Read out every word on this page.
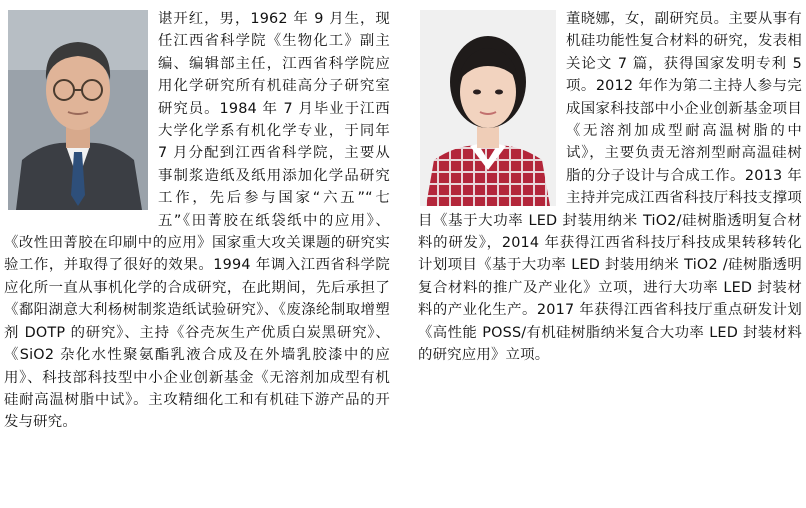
谌开红，男，1962 年 9 月生，现任江西省科学院《生物化工》副主编、编辑部主任，江西省科学院应用化学研究所有机硅高分子研究室研究员。1984 年 7 月毕业于江西大学化学系有机化学专业，于同年 7 月分配到江西省科学院，主要从事制浆造纸及纸用添加化学品研究工作，先后参与国家“六五”“七五”《田菁胶在纸袋纸中的应用》、《改性田菁胶在印刷中的应用》国家重大攻关课题的研究实验工作，并取得了很好的效果。1994 年调入江西省科学院应化所一直从事机化学的合成研究，在此期间，先后承担了《鄱阳湖意大利杨树制浆造纸试验研究》、《废涤纶制取增塑剂 DOTP 的研究》、主持《谷壳灰生产优质白炭黑研究》、《SiO2 杂化水性聚氨酯乳液合成及在外墙乳胶漆中的应用》、科技部科技型中小企业创新基金《无溶剂加成型有机硅耐高温树脂中试》。主攻精细化工和有机硅下游产品的开发与研究。

董晓娜，女，副研究员。主要从事有机硅功能性复合材料的研究，发表相关论文 7 篇，获得国家发明专利 5 项。2012 年作为第二主持人参与完成国家科技部中小企业创新基金项目《无溶剂加成型耐高温树脂的中试》，主要负责无溶剂型耐高温硅树脂的分子设计与合成工作。2013 年主持并完成江西省科技厅科技支撑项目《基于大功率 LED 封装用纳米 TiO2/硅树脂透明复合材料的研发》，2014 年获得江西省科技厅科技成果转移转化计划项目《基于大功率 LED 封装用纳米 TiO2 /硅树脂透明复合材料的推广及产业化》立项，进行大功率 LED 封装材料的产业化生产。2017 年获得江西省科技厅重点研发计划《高性能 POSS/有机硅树脂纳米复合大功率 LED 封装材料的研究应用》立项。
